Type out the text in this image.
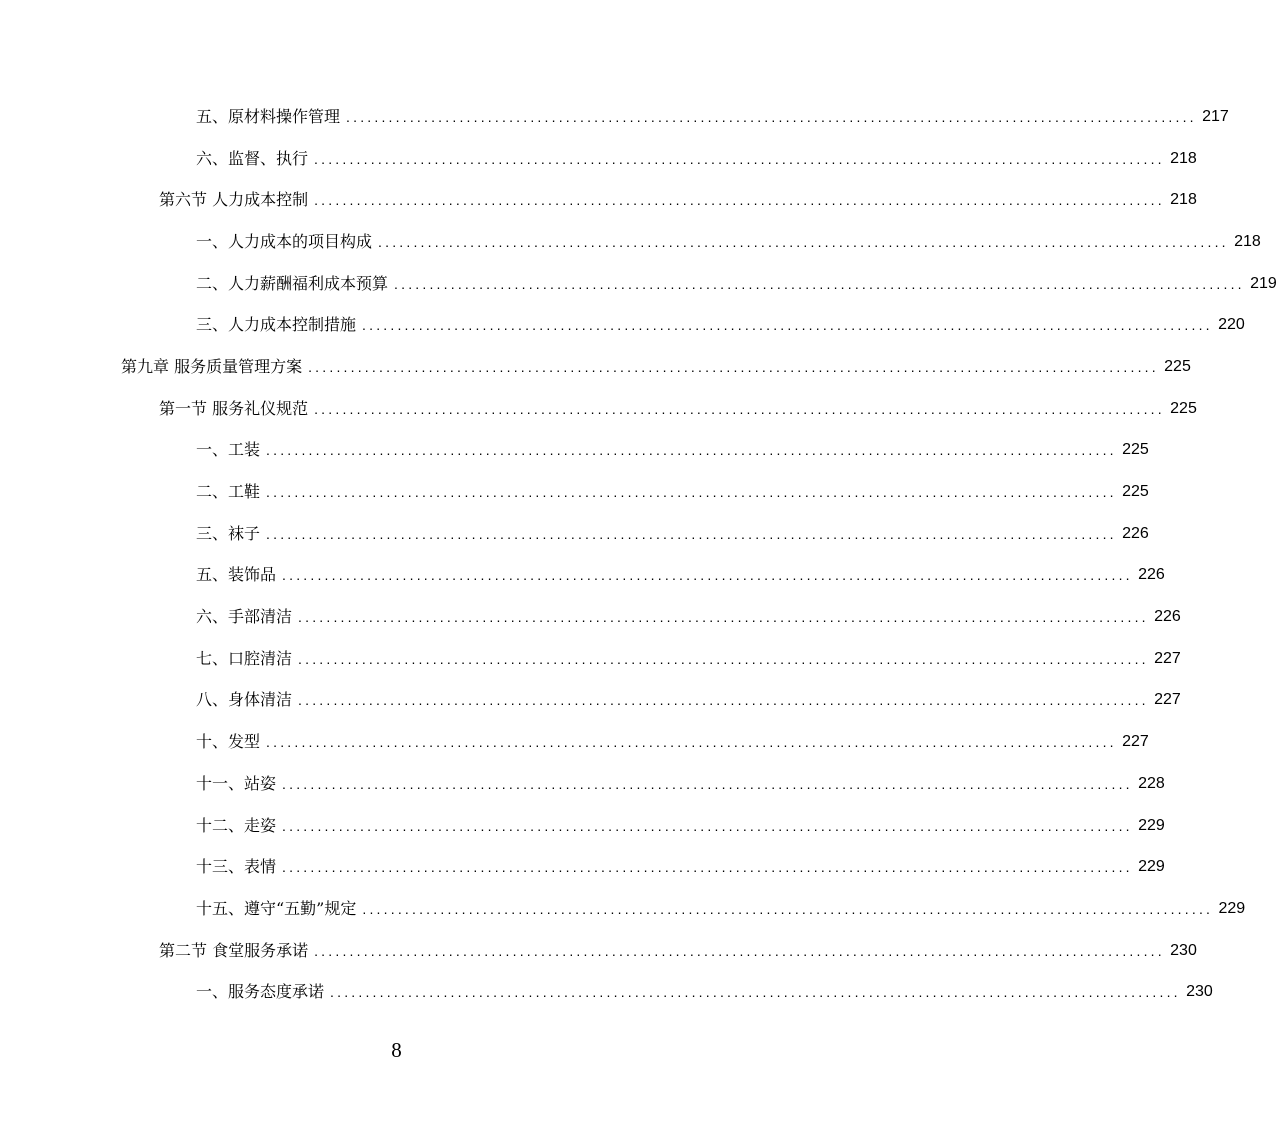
五、原材料操作管理 ........................................................................................................................ 217
六、监督、执行 ........................................................................................................................ 218
第六节 人力成本控制 ........................................................................................................................ 218
一、人力成本的项目构成 ........................................................................................................................ 218
二、人力薪酬福利成本预算 ........................................................................................................................ 219
三、人力成本控制措施 ........................................................................................................................ 220
第九章 服务质量管理方案 ........................................................................................................................ 225
第一节 服务礼仪规范 ........................................................................................................................ 225
一、工装 ........................................................................................................................ 225
二、工鞋 ........................................................................................................................ 225
三、袜子 ........................................................................................................................ 226
五、装饰品 ........................................................................................................................ 226
六、手部清洁 ........................................................................................................................ 226
七、口腔清洁 ........................................................................................................................ 227
八、身体清洁 ........................................................................................................................ 227
十、发型 ........................................................................................................................ 227
十一、站姿 ........................................................................................................................ 228
十二、走姿 ........................................................................................................................ 229
十三、表情 ........................................................................................................................ 229
十五、遵守“五勤”规定 ........................................................................................................................ 229
第二节 食堂服务承诺 ........................................................................................................................ 230
一、服务态度承诺 ........................................................................................................................ 230
8
